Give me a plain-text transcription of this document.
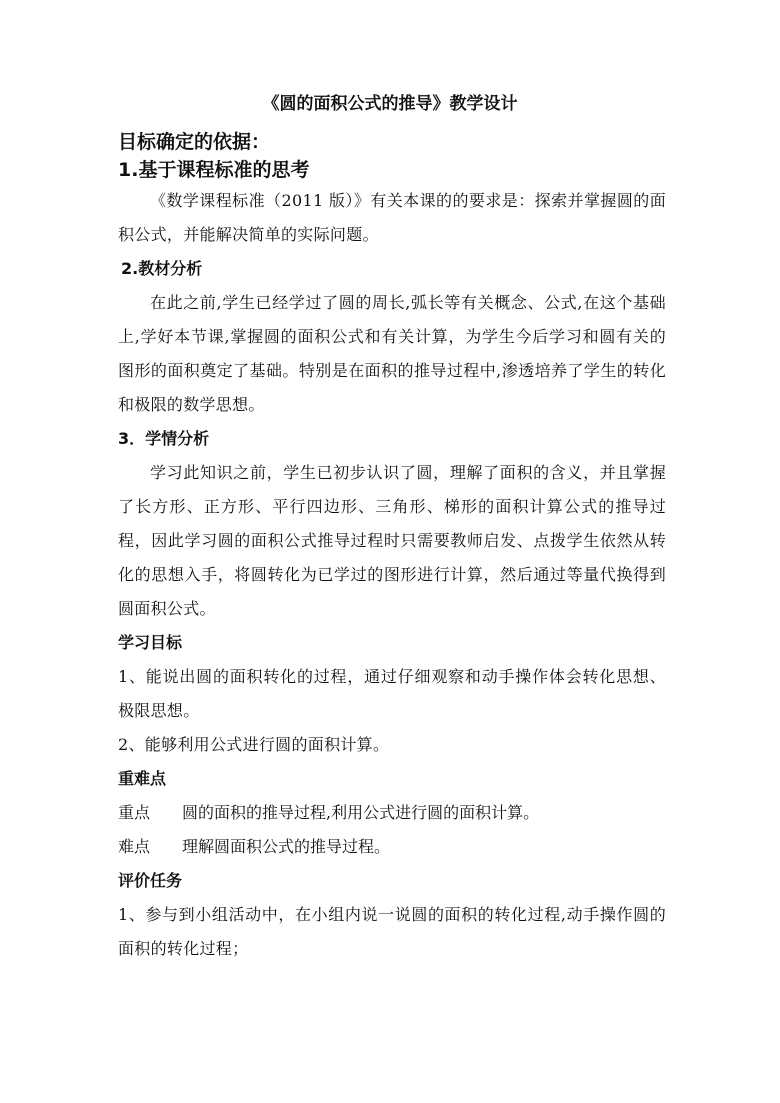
《圆的面积公式的推导》教学设计
目标确定的依据：
1.基于课程标准的思考

《数学课程标准（2011 版）》有关本课的的要求是：探索并掌握圆的面积公式，并能解决简单的实际问题。

2.教材分析

在此之前,学生已经学过了圆的周长,弧长等有关概念、公式,在这个基础上,学好本节课,掌握圆的面积公式和有关计算，为学生今后学习和圆有关的图形的面积奠定了基础。特别是在面积的推导过程中,渗透培养了学生的转化和极限的数学思想。

3．学情分析

学习此知识之前，学生已初步认识了圆，理解了面积的含义，并且掌握了长方形、正方形、平行四边形、三角形、梯形的面积计算公式的推导过程，因此学习圆的面积公式推导过程时只需要教师启发、点拨学生依然从转化的思想入手，将圆转化为已学过的图形进行计算，然后通过等量代换得到圆面积公式。

学习目标

1、能说出圆的面积转化的过程，通过仔细观察和动手操作体会转化思想、极限思想。

2、能够利用公式进行圆的面积计算。

重难点
重点 圆的面积的推导过程,利用公式进行圆的面积计算。
难点 理解圆面积公式的推导过程。
评价任务

1、参与到小组活动中，在小组内说一说圆的面积的转化过程,动手操作圆的面积的转化过程；
